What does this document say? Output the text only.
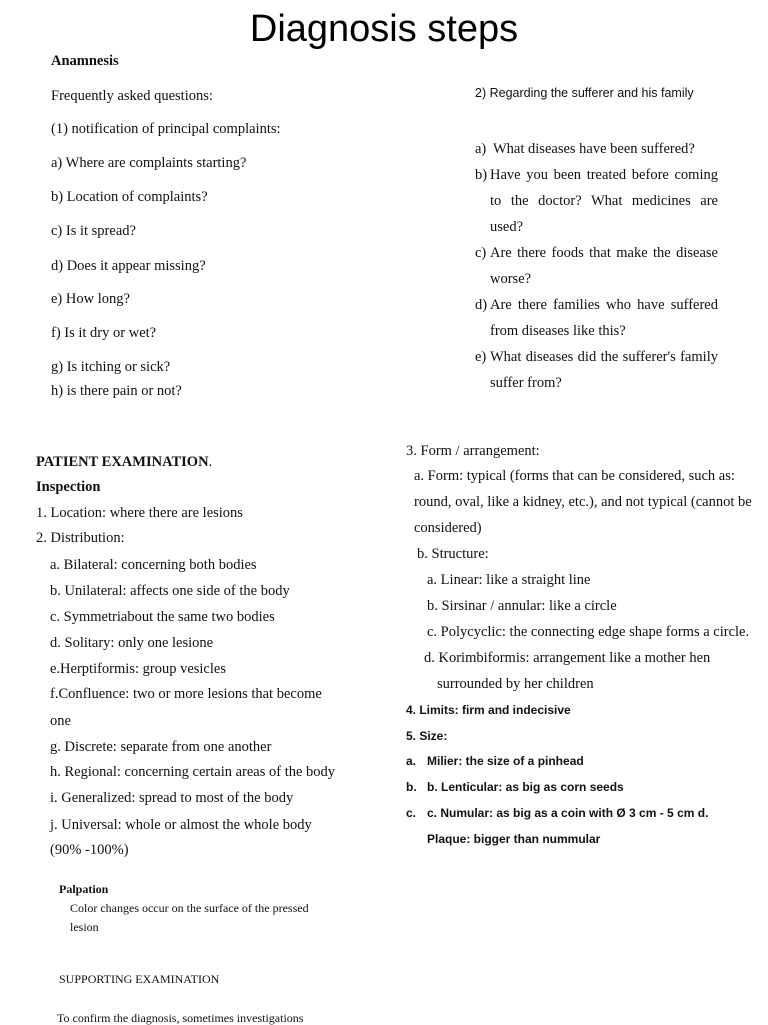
Diagnosis steps
Anamnesis
Frequently asked questions:
(1) notification of principal complaints:
a) Where are complaints starting?
b) Location of complaints?
c) Is it spread?
d) Does it appear missing?
e) How long?
f) Is it dry or wet?
g) Is itching or sick?
h) is there pain or not?
2) Regarding the sufferer and his family
a) What diseases have been suffered?
b) Have you been treated before coming to the doctor? What medicines are used?
c) Are there foods that make the disease worse?
d) Are there families who have suffered from diseases like this?
e) What diseases did the sufferer's family suffer from?
PATIENT EXAMINATION.
Inspection
1. Location: where there are lesions
2. Distribution:
a. Bilateral: concerning both bodies
b. Unilateral: affects one side of the body
c. Symmetriabout the same two bodies
d. Solitary: only one lesione
e.Herptiformis: group vesicles
f.Confluence: two or more lesions that become
one
g. Discrete: separate from one another
h. Regional: concerning certain areas of the body
i. Generalized: spread to most of the body
j. Universal: whole or almost the whole body
(90% -100%)
Palpation
Color changes occur on the surface of the pressed
lesion
SUPPORTING EXAMINATION
To confirm the diagnosis, sometimes investigations
3. Form / arrangement:
a. Form: typical (forms that can be considered, such as:
round, oval, like a kidney, etc.), and not typical (cannot be
considered)
b. Structure:
a. Linear: like a straight line
b. Sirsinar / annular: like a circle
c. Polycyclic: the connecting edge shape forms a circle.
d. Korimbiformis: arrangement like a mother hen
surrounded by her children
4. Limits: firm and indecisive
5. Size:
a. Milier: the size of a pinhead
b. b. Lenticular: as big as corn seeds
c. c. Numular: as big as a coin with Ø 3 cm - 5 cm d.
Plaque: bigger than nummular
